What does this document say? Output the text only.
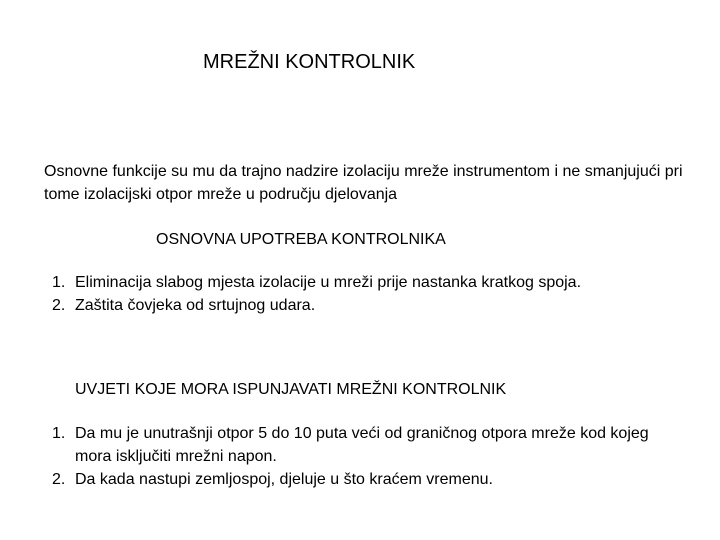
MREŽNI KONTROLNIK
Osnovne funkcije su mu da trajno nadzire izolaciju mreže instrumentom i ne smanjujući pri tome izolacijski otpor mreže u području djelovanja
OSNOVNA UPOTREBA KONTROLNIKA
1. Eliminacija slabog mjesta izolacije u mreži prije nastanka kratkog spoja.
2. Zaštita čovjeka od srtujnog udara.
UVJETI KOJE MORA ISPUNJAVATI MREŽNI KONTROLNIK
1. Da mu je unutrašnji otpor 5 do 10 puta veći od graničnog otpora mreže kod kojeg mora isključiti mrežni napon.
2. Da kada nastupi zemljospoj, djeluje u što kraćem vremenu.
